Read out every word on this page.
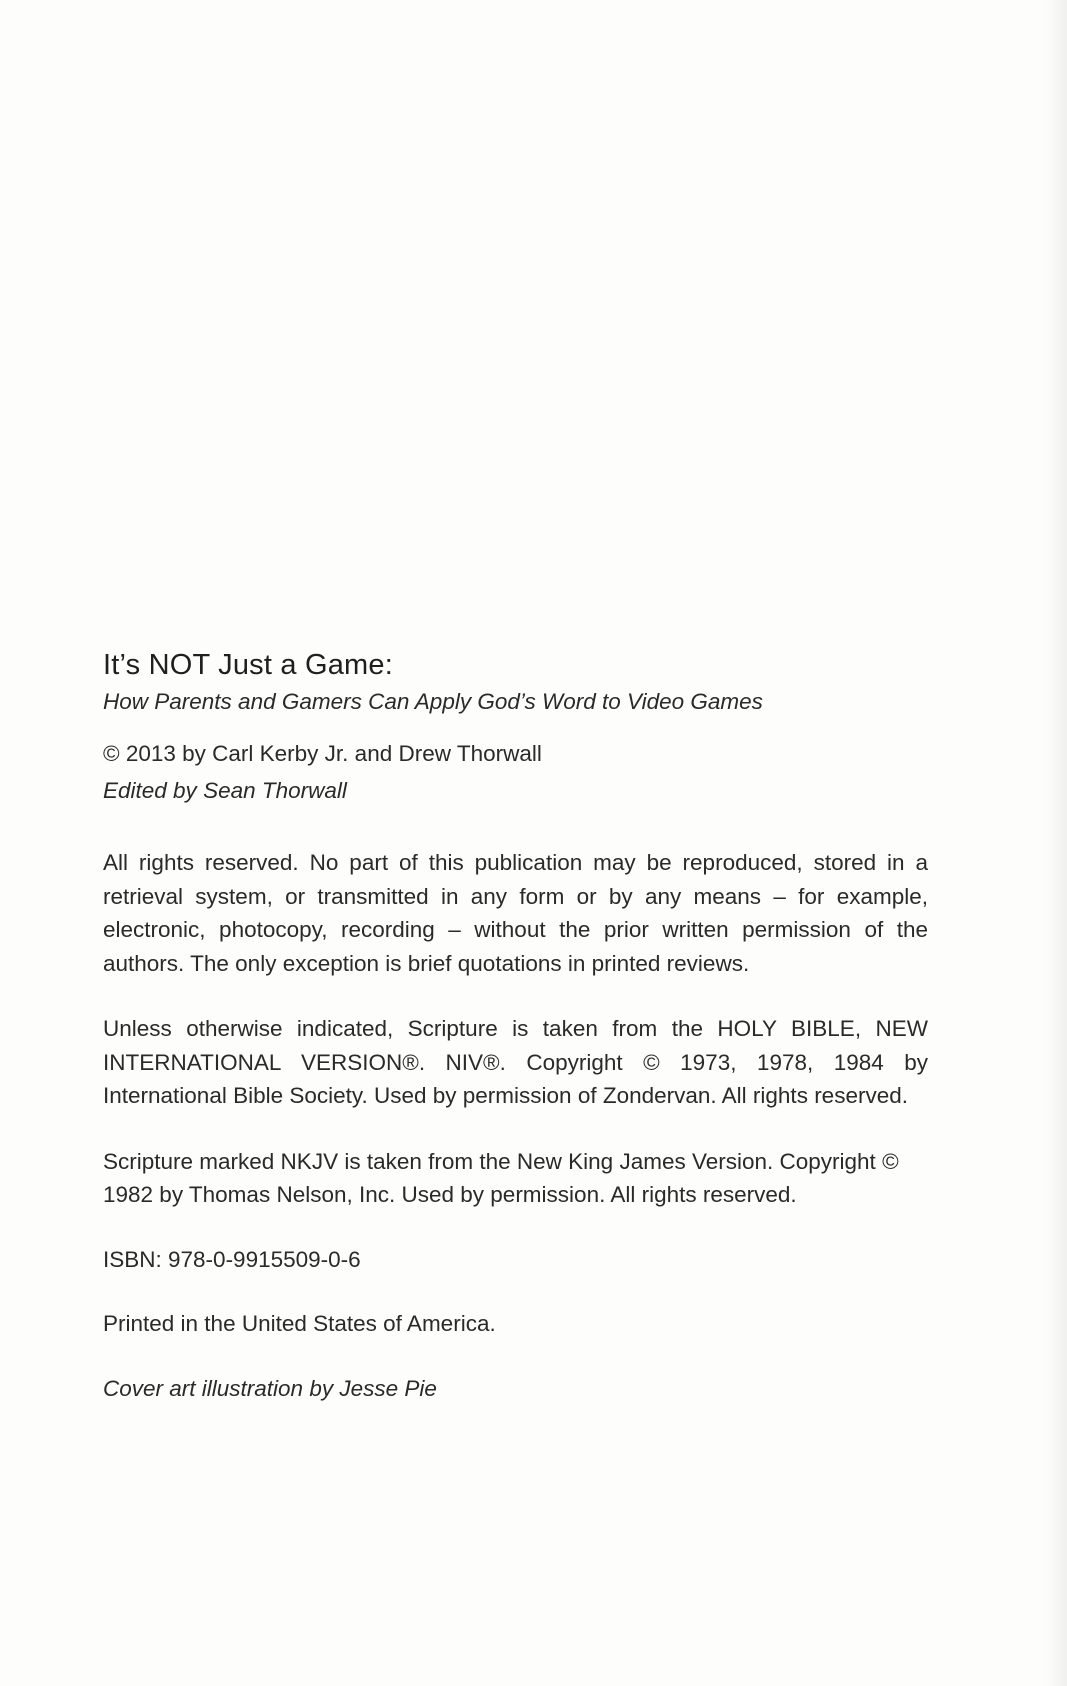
It’s NOT Just a Game:

How Parents and Gamers Can Apply God’s Word to Video Games

© 2013 by Carl Kerby Jr. and Drew Thorwall

Edited by Sean Thorwall

All rights reserved. No part of this publication may be reproduced, stored in a retrieval system, or transmitted in any form or by any means – for example, electronic, photocopy, recording – without the prior written permission of the authors. The only exception is brief quotations in printed reviews.

Unless otherwise indicated, Scripture is taken from the HOLY BIBLE, NEW INTERNATIONAL VERSION®. NIV®. Copyright © 1973, 1978, 1984 by International Bible Society. Used by permission of Zondervan. All rights reserved.

Scripture marked NKJV is taken from the New King James Version. Copyright © 1982 by Thomas Nelson, Inc. Used by permission. All rights reserved.

ISBN: 978-0-9915509-0-6

Printed in the United States of America.

Cover art illustration by Jesse Pie
